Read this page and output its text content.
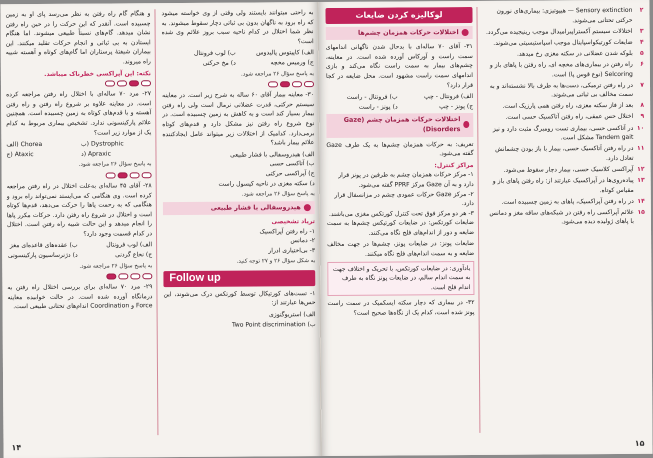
به راحتی میتوانند بایستند ولی وقتی از وی خواسته میشود که راه برود به ناگهان بدون بی ثباتی دچار سقوط میشوند. به نظر شما اختلال در کدام ناحیه سبب بروز علائم وی شده است؟

الف) کاپیتوس پالیدوس
ب) لوب فرونتال
ج) ورمیس مخچه
د) مخ حرکتی
به پاسخ سؤال ۲۶ مراجعه شود.

۳۰- معاینه بیمار آقای ۶۰ ساله به شرح زیر است. در معاینه سیستم حرکتی، قدرت عضلانی نرمال است ولی راه رفتن بیمار بسیار کند است و به کاهش به زمین چسبیده است. در نوع شروع راه رفتن نیز مشکل دارد و قدم‌های کوتاه برمی‌دارد. کدامیک از اختلالات زیر میتواند عامل ایجادکننده علائم بیمار باشد؟

الف) هیدروسفالی با فشار طبیعی
ب) آتاکسی حسی
ج) آپراکسی حرکتی
د) سکته مغزی در ناحیه کپسول راست
به پاسخ سؤال ۲۶ مراجعه شود.
هیدروسفالی با فشار طبیعی
تریاد تشخیصی
۱- راه رفتن آپراکسیک
۲- دمانس
۳- بی‌اختیاری ادرار
به شکل سؤال ۲۶ و ۲۷ توجه کنید.
Follow up

۱- تست‌های کورتیکال توسط کورتکس درک می‌شوند، این حس‌ها عبارتند از:

الف) استریوگنوزی
ب) Two Point discrimination

و هنگام گام راه رفتن به نظر می‌رسد پای او به زمین چسبیده است. آنقدر که این حرکت را در حین راه رفتن نشان میدهد. گام‌های نسبتاً طبیعی میشوند. اما هنگام ایستادن به بی ثباتی و انجام حرکات تقلید میکنند. این بیماران شیفتۀ پرستاران اما گام‌های کوتاه و آهسته شبیه راه میروند.

نکته: این آپراکسی خطرناک میباشد.

۲۷- مرد ۷۰ ساله‌ای با اختلال راه رفتن مراجعه کرده است. در معاینه علاوه بر شروع راه رفتن و راه رفتن آهسته و با قدم‌های کوتاه به زمین چسبیده است. همچنین علائم پارکینسونی ندارد. تشخیص بیماری مربوط به کدام یک از موارد زیر است؟

الف) Chorea	ب) Dystrophic
ج) Ataxic	د) Apraxic
به پاسخ سؤال ۲۶ مراجعه شود.

۲۸- آقای ۴۵ ساله‌ای به‌علت اختلال در راه رفتن مراجعه کرده است. وی هنگامی که می‌ایستد نمی‌تواند راه برود و هنگامی که به رحمت پاها را حرکت می‌دهد، قدم‌ها کوتاه است و اختلال در شروع راه رفتن دارد. حرکات مکرر پاها را انجام میدهد و این حالت شبیه راه رفتن است. اختلال در کدام قسمت وجود دارد؟

الف) لوب فرونتال
ب) عقده‌های قاعده‌ای مغز
ج) نخاع گردنی
د) دژنرساسیون پارکینسونی
به پاسخ سؤال ۲۶ مراجعه شود.

۲۹- مرد ۷۰ ساله‌ای برای بررسی اختلال راه رفتن به درمانگاه آورده شده است. در حالت خوابیده معاینه Force و Coordination اندام‌های تحتانی طبیعی است.

۱۴
۲
Sensory extinction — هیپوتیزی: بیماری‌های نورون حرکتی تحتانی می‌شوند.
۳
اختلالات سیستم آکستراپیرامیدال موجب رینیجیده می‌گردد.
۴
ضایعات کورتیکواسپاینال موجب اسپاستیسیتی می‌شوند.
۵
بلوکه شدن عضلانی در سکته مغزی رخ میدهد.
۶
راه رفتن در بیماری‌های مخچه ای، راه رفتن با پاهای باز و Selcoring (نوع قوس پا) است.
۷
در راه رفتن ترمیکی، دست‌ها به طرف بالا نشسته‌اند و به سمت مخالف بی ثباتی می‌شوند.
۸
بعد از فاز سکته مغزی، راه رفتن همی پارزیک است.
۹
اختلال حس عمقی، راه رفتن آتاکسیک حسی است.
۱۰
در آتاکسی حسی، بیماری تست رومبرگ مثبت دارد و نیز Tandem gait مشکل است.
۱۱
در راه رفتن آتاکسیک حسی، بیمار با باز بودن چشمانش تعادل دارد.
۱۲
آپراکسی کلاسیک حسی، بیمار دچار سقوط می‌شود.
۱۳
پیاده‌روی‌ها در آپراکسیک عبارتند از: راه رفتن پاهای باز و مقیاس کوتاه.
۱۴
در راه رفتن آپراکسیک، پاهای به زمین چسبیده است.
۱۵
علائم آپراکسی راه رفتن در شبکه‌های ساقه مغز و دمانس با پاهای ژولیده دیده می‌شود.
لوکالیزه کردن ضایعات
اختلالات حرکات همزمان چشم‌ها

۳۱- آقای ۷۰ ساله‌ای با بدحال شدن ناگهانی اندامهای سمت راست و آورکاس آورده شده است. در معاینه، چشم‌های بیمار به سمت راست نگاه می‌کند و بازی اندامهای سمت راست مشهود است. محل ضایعه در کجا قرار دارد؟

الف) فرونتال - چپ
ب) فرونتال - راست
ج) پونز - چپ
د) پونز - راست
اختلالات حرکات همزمان چشم (Gaze Disorders)

تعریف: به حرکات همزمان چشم‌ها به یک طرف Gaze گفته می‌شود.

مراکز کنترل:
۱- مرکز حرکات همزمان چشم به طرفین در پونز قرار دارد و به آن Gaze مرکز PPRF گفته می‌شود.
۲- مرکز Gaze حرکات عمودی چشم در مزانسفال قرار دارد.
۳- هر دو مرکز فوق تحت کنترل کورتکس مغزی می‌باشند.

ضایعات کورتکس: در ضایعات کورتیکس چشم‌ها به سمت ضایعه و دور از اندام‌های فلج نگاه می‌کنند.

ضایعات پونز: در ضایعات پونز، چشم‌ها در جهت مخالف ضایعه و به سمت اندام‌های فلج نگاه میکنند.

یادآوری: در ضایعات کورتکس، با تحریک و اختلاف جهت به سمت اندام سالم، در ضایعات پونز نگاه به طرف اندام فلج است.

۳۲- در بیماری که دچار سکته ایسکمیک در سمت راست پونز شده است، کدام یک از نگاه‌ها صحیح است؟

۱۵
